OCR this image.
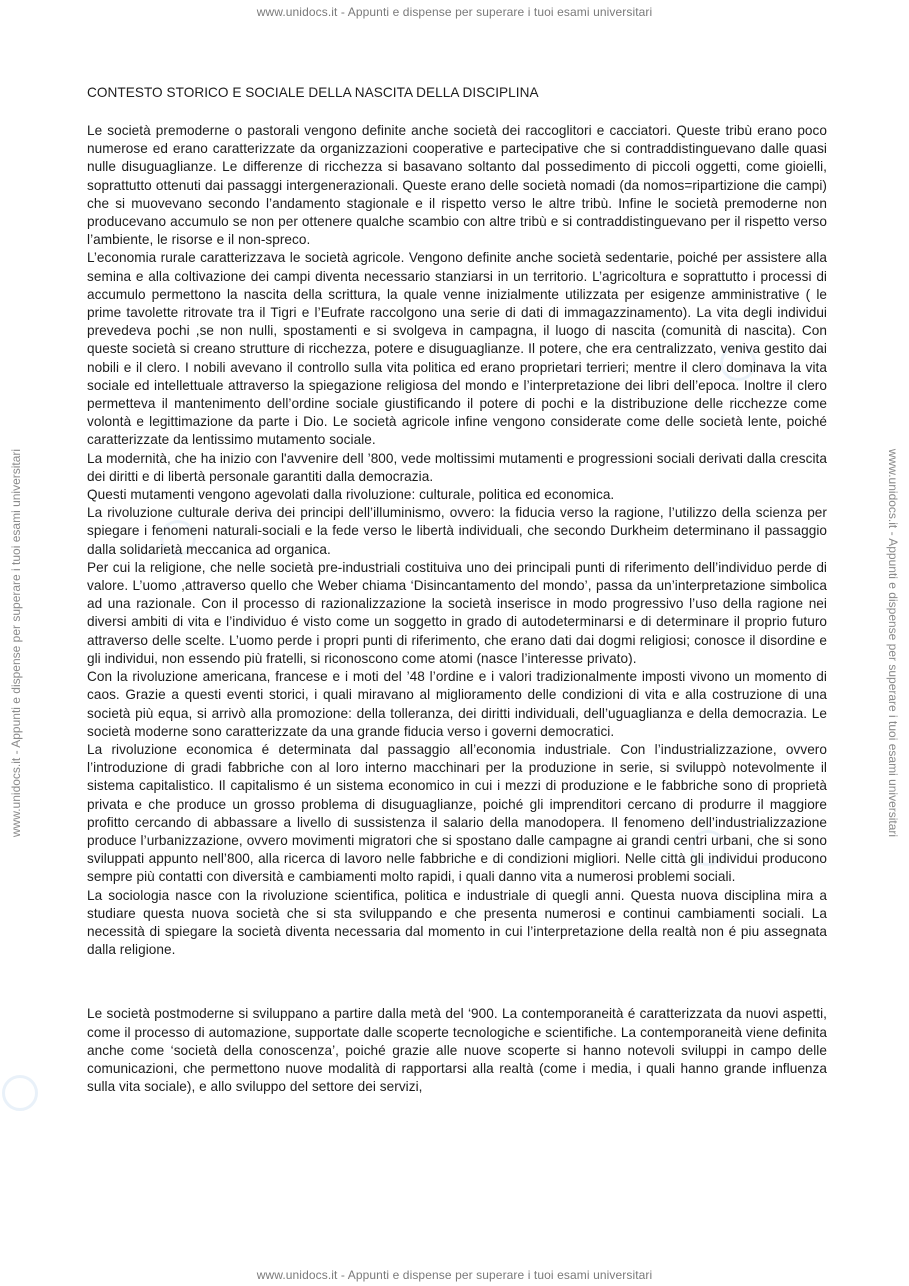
www.unidocs.it - Appunti e dispense per superare i tuoi esami universitari
www.unidocs.it - Appunti e dispense per superare i tuoi esami universitari	www.unidocs.it - Appunti e dispense per superare i tuoi esami universitari
www.unidocs.it - Appunti e dispense per superare i tuoi esami universitari
CONTESTO STORICO E SOCIALE DELLA NASCITA DELLA DISCIPLINA

Le società premoderne o pastorali vengono definite anche società dei raccoglitori e cacciatori. Queste tribù erano poco numerose ed erano caratterizzate da organizzazioni cooperative e partecipative che si contraddistinguevano dalle quasi nulle disuguaglianze. Le differenze di ricchezza si basavano soltanto dal possedimento di piccoli oggetti, come gioielli, soprattutto ottenuti dai passaggi intergenerazionali. Queste erano delle società nomadi (da nomos=ripartizione die campi) che si muovevano secondo l’andamento stagionale e il rispetto verso le altre tribù. Infine le società premoderne non producevano accumulo se non per ottenere qualche scambio con altre tribù e si contraddistinguevano per il rispetto verso l’ambiente, le risorse e il non-spreco.

L’economia rurale caratterizzava le società agricole. Vengono definite anche società sedentarie, poiché per assistere alla semina e alla coltivazione dei campi diventa necessario stanziarsi in un territorio. L’agricoltura e soprattutto i processi di accumulo permettono la nascita della scrittura, la quale venne inizialmente utilizzata per esigenze amministrative ( le prime tavolette ritrovate tra il Tigri e l’Eufrate raccolgono una serie di dati di immagazzinamento). La vita degli individui prevedeva pochi ,se non nulli, spostamenti e si svolgeva in campagna, il luogo di nascita (comunità di nascita). Con queste società si creano strutture di ricchezza, potere e disuguaglianze. Il potere, che era centralizzato, veniva gestito dai nobili e il clero. I nobili avevano il controllo sulla vita politica ed erano proprietari terrieri; mentre il clero dominava la vita sociale ed intellettuale attraverso la spiegazione religiosa del mondo e l’interpretazione dei libri dell’epoca. Inoltre il clero permetteva il mantenimento dell’ordine sociale giustificando il potere di pochi e la distribuzione delle ricchezze come volontà e legittimazione da parte i Dio. Le società agricole infine vengono considerate come delle società lente, poiché caratterizzate da lentissimo mutamento sociale.

La modernità, che ha inizio con l'avvenire dell ’800, vede moltissimi mutamenti e progressioni sociali derivati dalla crescita dei diritti e di libertà personale garantiti dalla democrazia.

Questi mutamenti vengono agevolati dalla rivoluzione: culturale, politica ed economica.

La rivoluzione culturale deriva dei principi dell’illuminismo, ovvero: la fiducia verso la ragione, l’utilizzo della scienza per spiegare i fenomeni naturali-sociali e la fede verso le libertà individuali, che secondo Durkheim determinano il passaggio dalla solidarietà meccanica ad organica.

Per cui la religione, che nelle società pre-industriali costituiva uno dei principali punti di riferimento dell’individuo perde di valore. L’uomo ,attraverso quello che Weber chiama ‘Disincantamento del mondo’, passa da un’interpretazione simbolica ad una razionale. Con il processo di razionalizzazione la società inserisce in modo progressivo l’uso della ragione nei diversi ambiti di vita e l’individuo é visto come un soggetto in grado di autodeterminarsi e di determinare il proprio futuro attraverso delle scelte. L’uomo perde i propri punti di riferimento, che erano dati dai dogmi religiosi; conosce il disordine e gli individui, non essendo più fratelli, si riconoscono come atomi (nasce l’interesse privato).

Con la rivoluzione americana, francese e i moti del ’48 l’ordine e i valori tradizionalmente imposti vivono un momento di caos. Grazie a questi eventi storici, i quali miravano al miglioramento delle condizioni di vita e alla costruzione di una società più equa, si arrivò alla promozione: della tolleranza, dei diritti individuali, dell’uguaglianza e della democrazia. Le società moderne sono caratterizzate da una grande fiducia verso i governi democratici.

La rivoluzione economica é determinata dal passaggio all’economia industriale. Con l’industrializzazione, ovvero l’introduzione di gradi fabbriche con al loro interno macchinari per la produzione in serie, si sviluppò notevolmente il sistema capitalistico. Il capitalismo é un sistema economico in cui i mezzi di produzione e le fabbriche sono di proprietà privata e che produce un grosso problema di disuguaglianze, poiché gli imprenditori cercano di produrre il maggiore profitto cercando di abbassare a livello di sussistenza il salario della manodopera. Il fenomeno dell’industrializzazione produce l’urbanizzazione, ovvero movimenti migratori che si spostano dalle campagne ai grandi centri urbani, che si sono sviluppati appunto nell’800, alla ricerca di lavoro nelle fabbriche e di condizioni migliori. Nelle città gli individui producono sempre più contatti con diversità e cambiamenti molto rapidi, i quali danno vita a numerosi problemi sociali.

La sociologia nasce con la rivoluzione scientifica, politica e industriale di quegli anni. Questa nuova disciplina mira a studiare questa nuova società che si sta sviluppando e che presenta numerosi e continui cambiamenti sociali. La necessità di spiegare la società diventa necessaria dal momento in cui l’interpretazione della realtà non é piu assegnata dalla religione.

Le società postmoderne si sviluppano a partire dalla metà del ‘900. La contemporaneità é caratterizzata da nuovi aspetti, come il processo di automazione, supportate dalle scoperte tecnologiche e scientifiche. La contemporaneità viene definita anche come ‘società della conoscenza’, poiché grazie alle nuove scoperte si hanno notevoli sviluppi in campo delle comunicazioni, che permettono nuove modalità di rapportarsi alla realtà (come i media, i quali hanno grande influenza sulla vita sociale), e allo sviluppo del settore dei servizi,
